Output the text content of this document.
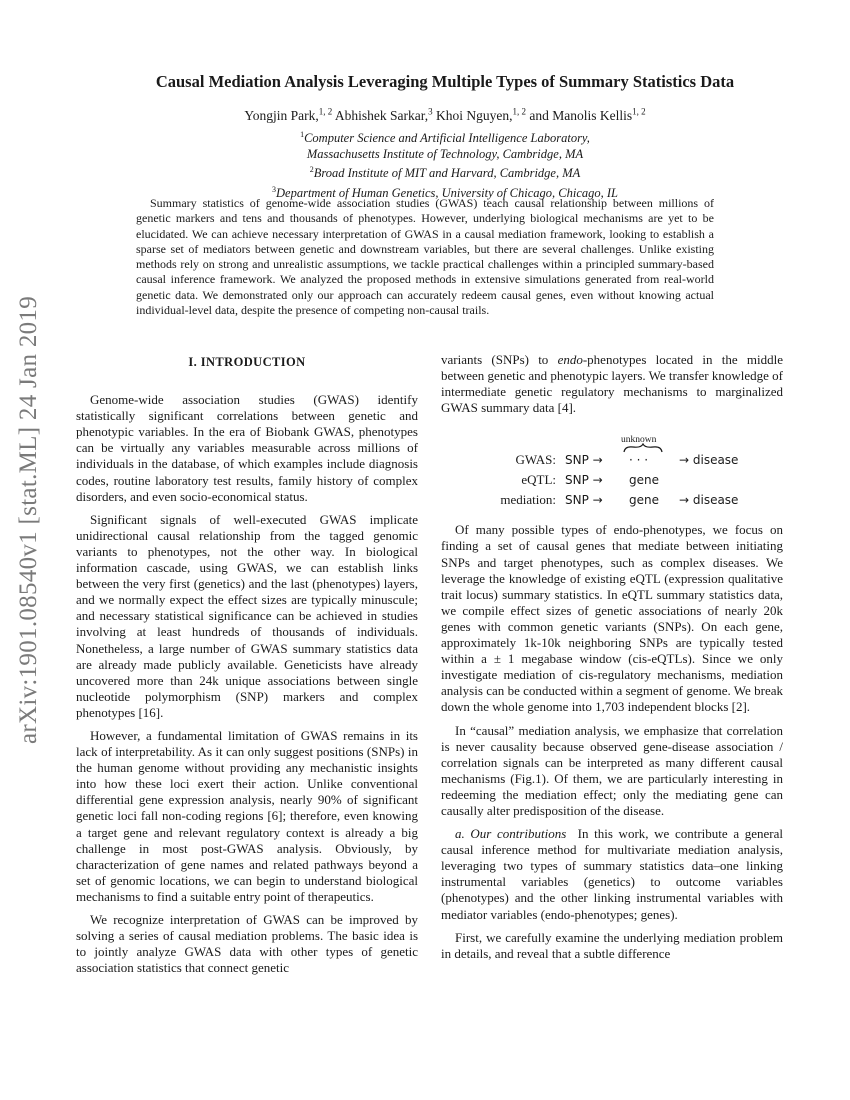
arXiv:1901.08540v1 [stat.ML] 24 Jan 2019
Causal Mediation Analysis Leveraging Multiple Types of Summary Statistics Data
Yongjin Park,$^{1, 2}$ Abhishek Sarkar,$^3$ Khoi Nguyen,$^{1, 2}$ and Manolis Kellis$^{1, 2}$
$^1$Computer Science and Artificial Intelligence Laboratory,
Massachusetts Institute of Technology, Cambridge, MA
$^2$Broad Institute of MIT and Harvard, Cambridge, MA
$^3$Department of Human Genetics, University of Chicago, Chicago, IL

Summary statistics of genome-wide association studies (GWAS) teach causal relationship between millions of genetic markers and tens and thousands of phenotypes. However, underlying biological mechanisms are yet to be elucidated. We can achieve necessary interpretation of GWAS in a causal mediation framework, looking to establish a sparse set of mediators between genetic and downstream variables, but there are several challenges. Unlike existing methods rely on strong and unrealistic assumptions, we tackle practical challenges within a principled summary-based causal inference framework. We analyzed the proposed methods in extensive simulations generated from real-world genetic data. We demonstrated only our approach can accurately redeem causal genes, even without knowing actual individual-level data, despite the presence of competing non-causal trails.

I. INTRODUCTION

Genome-wide association studies (GWAS) identify statistically significant correlations between genetic and phenotypic variables. In the era of Biobank GWAS, phenotypes can be virtually any variables measurable across millions of individuals in the database, of which examples include diagnosis codes, routine laboratory test results, family history of complex disorders, and even socio-economical status.

Significant signals of well-executed GWAS implicate unidirectional causal relationship from the tagged genomic variants to phenotypes, not the other way. In biological information cascade, using GWAS, we can establish links between the very first (genetics) and the last (phenotypes) layers, and we normally expect the effect sizes are typically minuscule; and necessary statistical significance can be achieved in studies involving at least hundreds of thousands of individuals. Nonetheless, a large number of GWAS summary statistics data are already made publicly available. Geneticists have already uncovered more than 24k unique associations between single nucleotide polymorphism (SNP) markers and complex phenotypes [16].

However, a fundamental limitation of GWAS remains in its lack of interpretability. As it can only suggest positions (SNPs) in the human genome without providing any mechanistic insights into how these loci exert their action. Unlike conventional differential gene expression analysis, nearly 90% of significant genetic loci fall non-coding regions [6]; therefore, even knowing a target gene and relevant regulatory context is already a big challenge in most post-GWAS analysis. Obviously, by characterization of gene names and related pathways beyond a set of genomic locations, we can begin to understand biological mechanisms to find a suitable entry point of therapeutics.

We recognize interpretation of GWAS can be improved by solving a series of causal mediation problems. The basic idea is to jointly analyze GWAS data with other types of genetic association statistics that connect genetic

variants (SNPs) to endo-phenotypes located in the middle between genetic and phenotypic layers. We transfer knowledge of intermediate genetic regulatory mechanisms to marginalized GWAS summary data [4].

unknown
GWAS: SNP → · · ·	→ disease
eQTL: SNP → gene
mediation: SNP → gene → disease

Of many possible types of endo-phenotypes, we focus on finding a set of causal genes that mediate between initiating SNPs and target phenotypes, such as complex diseases. We leverage the knowledge of existing eQTL (expression qualitative trait locus) summary statistics. In eQTL summary statistics data, we compile effect sizes of genetic associations of nearly 20k genes with common genetic variants (SNPs). On each gene, approximately 1k-10k neighboring SNPs are typically tested within a ± 1 megabase window (cis-eQTLs). Since we only investigate mediation of cis-regulatory mechanisms, mediation analysis can be conducted within a segment of genome. We break down the whole genome into 1,703 independent blocks [2].

In “causal” mediation analysis, we emphasize that correlation is never causality because observed gene-disease association / correlation signals can be interpreted as many different causal mechanisms (Fig.1). Of them, we are particularly interesting in redeeming the mediation effect; only the mediating gene can causally alter predisposition of the disease.

a. Our contributions In this work, we contribute a general causal inference method for multivariate mediation analysis, leveraging two types of summary statistics data–one linking instrumental variables (genetics) to outcome variables (phenotypes) and the other linking instrumental variables with mediator variables (endo-phenotypes; genes).

First, we carefully examine the underlying mediation problem in details, and reveal that a subtle difference
